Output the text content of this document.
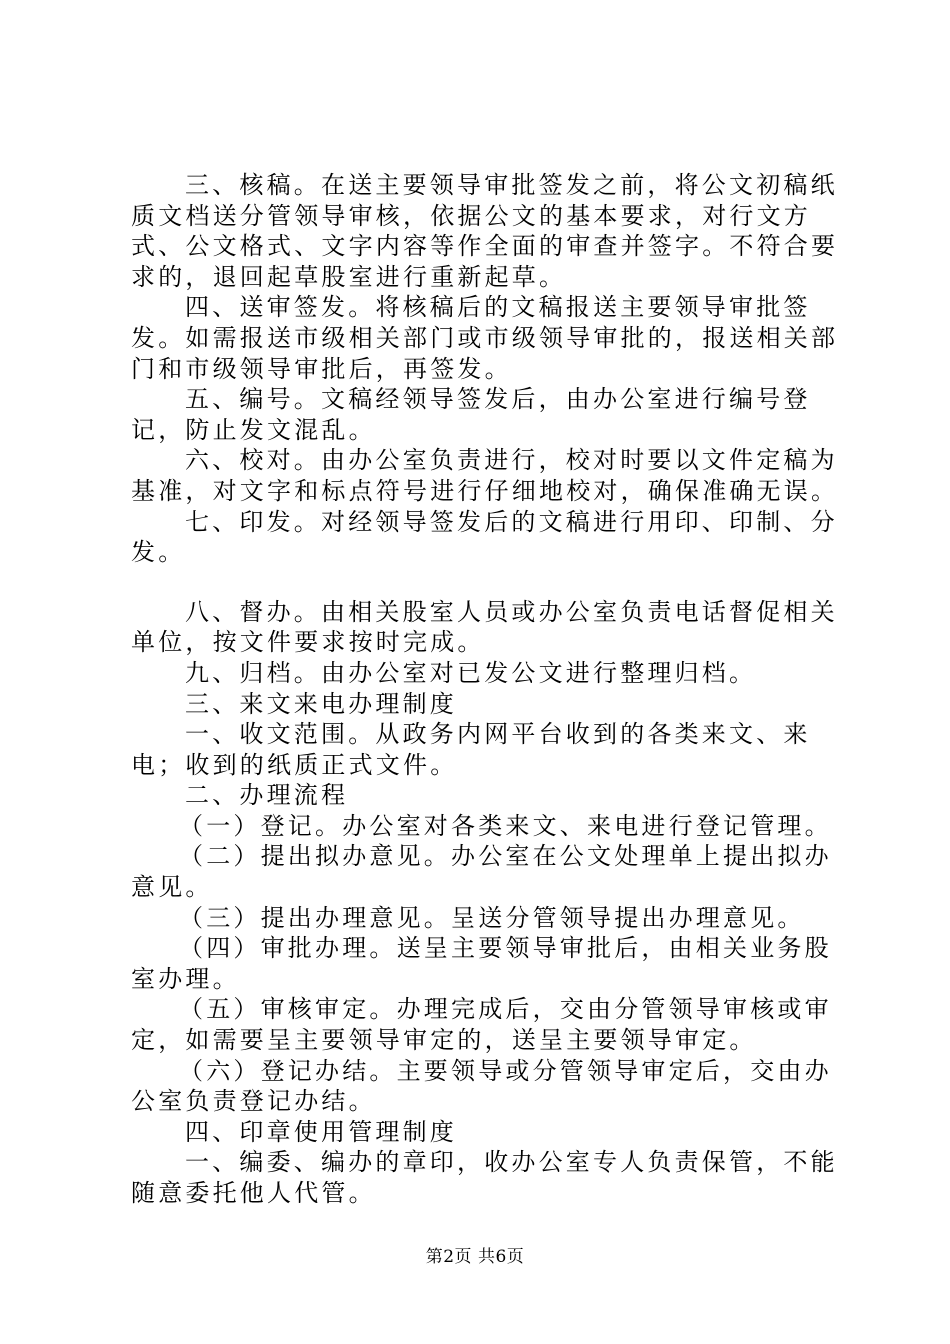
三、核稿。在送主要领导审批签发之前，将公文初稿纸质文档送分管领导审核，依据公文的基本要求，对行文方式、公文格式、文字内容等作全面的审查并签字。不符合要求的，退回起草股室进行重新起草。

四、送审签发。将核稿后的文稿报送主要领导审批签发。如需报送市级相关部门或市级领导审批的，报送相关部门和市级领导审批后，再签发。

五、编号。文稿经领导签发后，由办公室进行编号登记，防止发文混乱。

六、校对。由办公室负责进行，校对时要以文件定稿为基准，对文字和标点符号进行仔细地校对，确保准确无误。

七、印发。对经领导签发后的文稿进行用印、印制、分发。

八、督办。由相关股室人员或办公室负责电话督促相关单位，按文件要求按时完成。

九、归档。由办公室对已发公文进行整理归档。

三、来文来电办理制度

一、收文范围。从政务内网平台收到的各类来文、来电；收到的纸质正式文件。

二、办理流程

（一）登记。办公室对各类来文、来电进行登记管理。

（二）提出拟办意见。办公室在公文处理单上提出拟办意见。

（三）提出办理意见。呈送分管领导提出办理意见。

（四）审批办理。送呈主要领导审批后，由相关业务股室办理。

（五）审核审定。办理完成后，交由分管领导审核或审定，如需要呈主要领导审定的，送呈主要领导审定。

（六）登记办结。主要领导或分管领导审定后，交由办公室负责登记办结。

四、印章使用管理制度

一、编委、编办的章印，收办公室专人负责保管，不能随意委托他人代管。

第2页 共6页
